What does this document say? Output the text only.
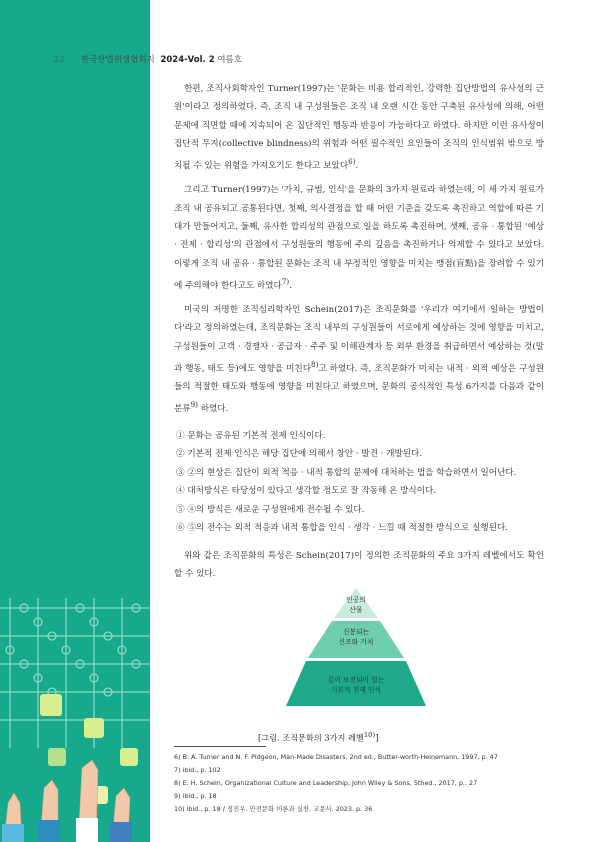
22 한국산업위생협회지 2024-Vol. 2 여름호

한편, 조직사회학자인 Turner(1997)는 '문화는 비용 합리적인, 강력한 집단방법의 유사성의 근원'이라고 정의하였다. 즉, 조직 내 구성원들은 조직 내 오랜 시간 동안 구축된 유사성에 의해, 어떤 문제에 직면할 때에 지속되어 온 집단적인 행동과 반응이 가능하다고 하였다. 하지만 이런 유사성이 집단적 무지(collective blindness)의 위험과 어떤 필수적인 요인들이 조직의 인식범위 밖으로 방치될 수 있는 위험을 가져오기도 한다고 보았다$^{6)}$.

그리고 Turner(1997)는 '가치, 규범, 인식'을 문화의 3가지 원료라 하였는데, 이 세 가지 원료가 조직 내 공유되고 공통된다면, 첫째, 의사결정을 할 때 어떤 기준을 갖도록 촉진하고 역할에 따른 기대가 만들어지고, 둘째, 유사한 합리성의 관점으로 일을 하도록 촉진하며, 셋째, 공유 · 통합된 '예상 · 전제 · 합리성'의 관점에서 구성원들의 행동에 주의 깊음을 촉진하거나 억제할 수 있다고 보았다. 이렇게 조직 내 공유 · 통합된 문화는 조직 내 부정적인 영향을 미치는 맹점(盲點)을 장려할 수 있기에 주의해야 한다고도 하였다$^{7)}$.

미국의 저명한 조직심리학자인 Schein(2017)은 조직문화를 '우리가 여기에서 일하는 방법이다'라고 정의하였는데, 조직문화는 조직 내부의 구성원들이 서로에게 예상하는 것에 영향을 미치고, 구성원들이 고객 · 경쟁자 · 공급자 · 주주 및 이해관계자 등 외부 환경을 취급하면서 예상하는 것(말과 행동, 태도 등)에도 영향을 미친다$^{8)}$고 하였다. 즉, 조직문화가 미치는 내적 · 외적 예상은 구성원들의 적절한 태도와 행동에 영향을 미친다고 하였으며, 문화의 공식적인 특성 6가지를 다음과 같이 분류$^{9)}$ 하였다.

① 문화는 공유된 기본적 전제 인식이다.
② 기본적 전제 인식은 해당 집단에 의해서 창안 · 발견 · 개발된다.
③ ②의 현상은 집단이 외적 적응 · 내적 통합의 문제에 대처하는 법을 학습하면서 일어난다.
④ 대처방식은 타당성이 있다고 생각할 정도로 잘 작동해 온 방식이다.
⑤ ④의 방식은 새로운 구성원에게 전수될 수 있다.
⑥ ⑤의 전수는 외적 적응과 내적 통합을 인식 · 생각 · 느낄 때 적절한 방식으로 실행된다.
위와 같은 조직문화의 특성은 Schein(2017)이 정의한 조직문화의 주요 3가지 레벨에서도 확인할 수 있다.
인공의
산물
신봉되는
신조와 가치
깊이 보전되어 있는
기본적 전제 인식
[그림. 조직문화의 3가지 레벨$^{10)}$]
6) B. A. Turner and N. F. Pidgeon, Man-Made Disasters, 2nd ed., Butter-worth-Heinemann, 1997, p. 47
7) ibid., p. 102
8) E. H. Schein, Organizational Culture and Leadership, John Wiley & Sons, 5thed., 2017, p.. 27
9) ibid., p. 18
10) ibid., p. 18 / 정진우. 안전문화 이론과 실천. 교문사. 2023. p. 36
